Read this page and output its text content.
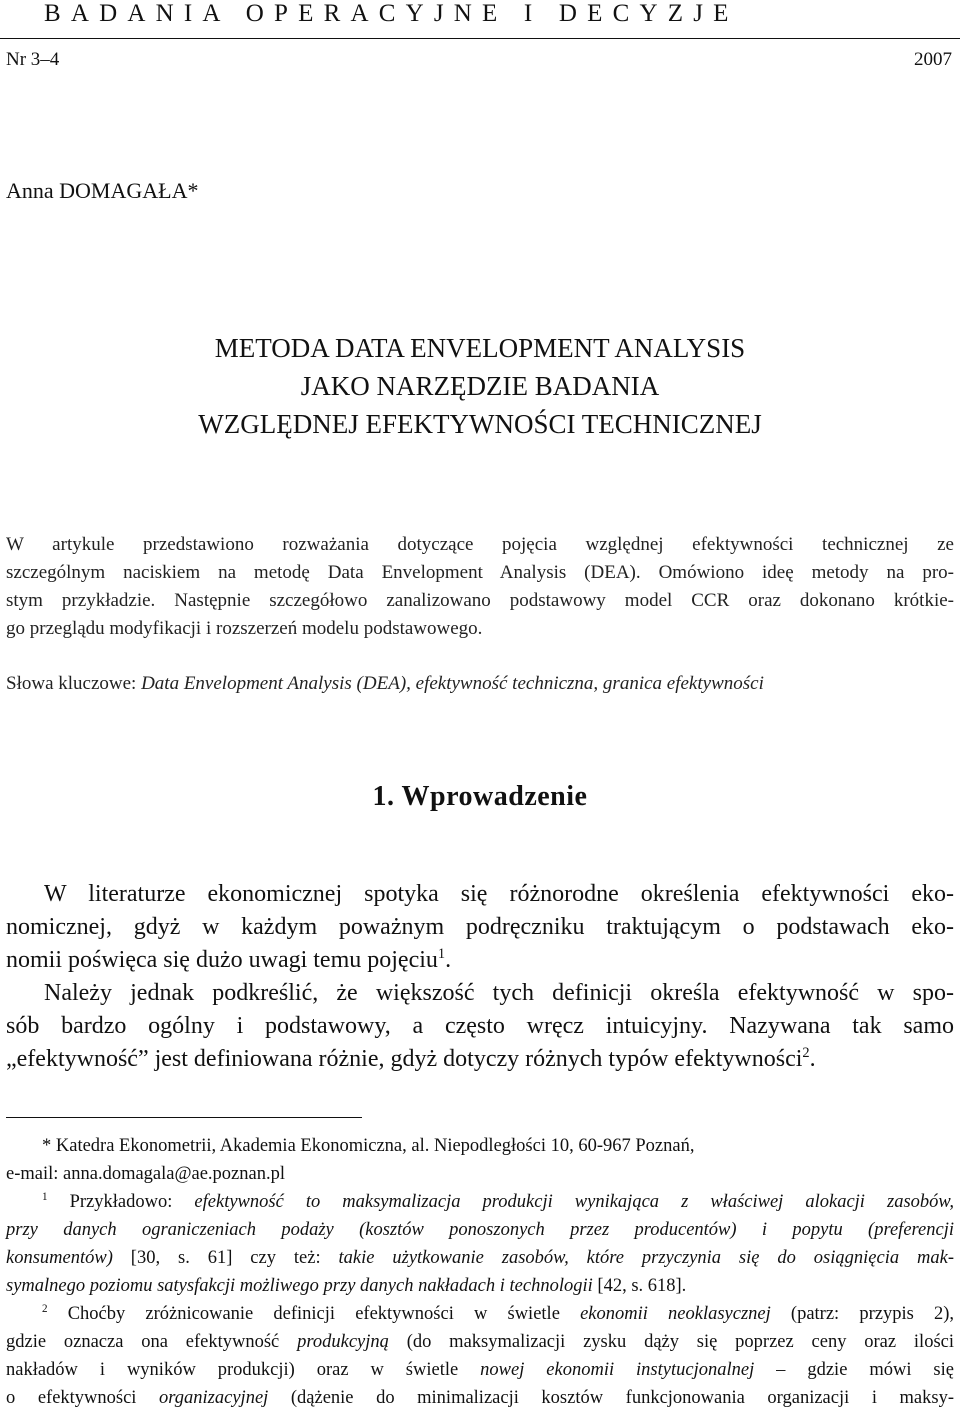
BADANIA OPERACYJNE I DECYZJE
Nr 3–4	2007
Anna DOMAGAŁA*
METODA DATA ENVELOPMENT ANALYSIS
JAKO NARZĘDZIE BADANIA
WZGLĘDNEJ EFEKTYWNOŚCI TECHNICZNEJ
W artykule przedstawiono rozważania dotyczące pojęcia względnej efektywności technicznej ze
szczególnym naciskiem na metodę Data Envelopment Analysis (DEA). Omówiono ideę metody na pro-
stym przykładzie. Następnie szczegółowo zanalizowano podstawowy model CCR oraz dokonano krótkie-
go przeglądu modyfikacji i rozszerzeń modelu podstawowego.
Słowa kluczowe: Data Envelopment Analysis (DEA), efektywność techniczna, granica efektywności
1. Wprowadzenie
W literaturze ekonomicznej spotyka się różnorodne określenia efektywności eko-
nomicznej, gdyż w każdym poważnym podręczniku traktującym o podstawach eko-
nomii poświęca się dużo uwagi temu pojęciu$^1$.
Należy jednak podkreślić, że większość tych definicji określa efektywność w spo-
sób bardzo ogólny i podstawowy, a często wręcz intuicyjny. Nazywana tak samo
„efektywność” jest definiowana różnie, gdyż dotyczy różnych typów efektywności$^2$.
* Katedra Ekonometrii, Akademia Ekonomiczna, al. Niepodległości 10, 60-967 Poznań,
e-mail: anna.domagala@ae.poznan.pl
$^1$ Przykładowo: efektywność to maksymalizacja produkcji wynikająca z właściwej alokacji zasobów,
przy danych ograniczeniach podaży (kosztów ponoszonych przez producentów) i popytu (preferencji
konsumentów) [30, s. 61] czy też: takie użytkowanie zasobów, które przyczynia się do osiągnięcia mak-
symalnego poziomu satysfakcji możliwego przy danych nakładach i technologii [42, s. 618].
$^2$ Choćby zróżnicowanie definicji efektywności w świetle ekonomii neoklasycznej (patrz: przypis 2),
gdzie oznacza ona efektywność produkcyjną (do maksymalizacji zysku dąży się poprzez ceny oraz ilości
nakładów i wyników produkcji) oraz w świetle nowej ekonomii instytucjonalnej – gdzie mówi się
o efektywności organizacyjnej (dążenie do minimalizacji kosztów funkcjonowania organizacji i maksy-
